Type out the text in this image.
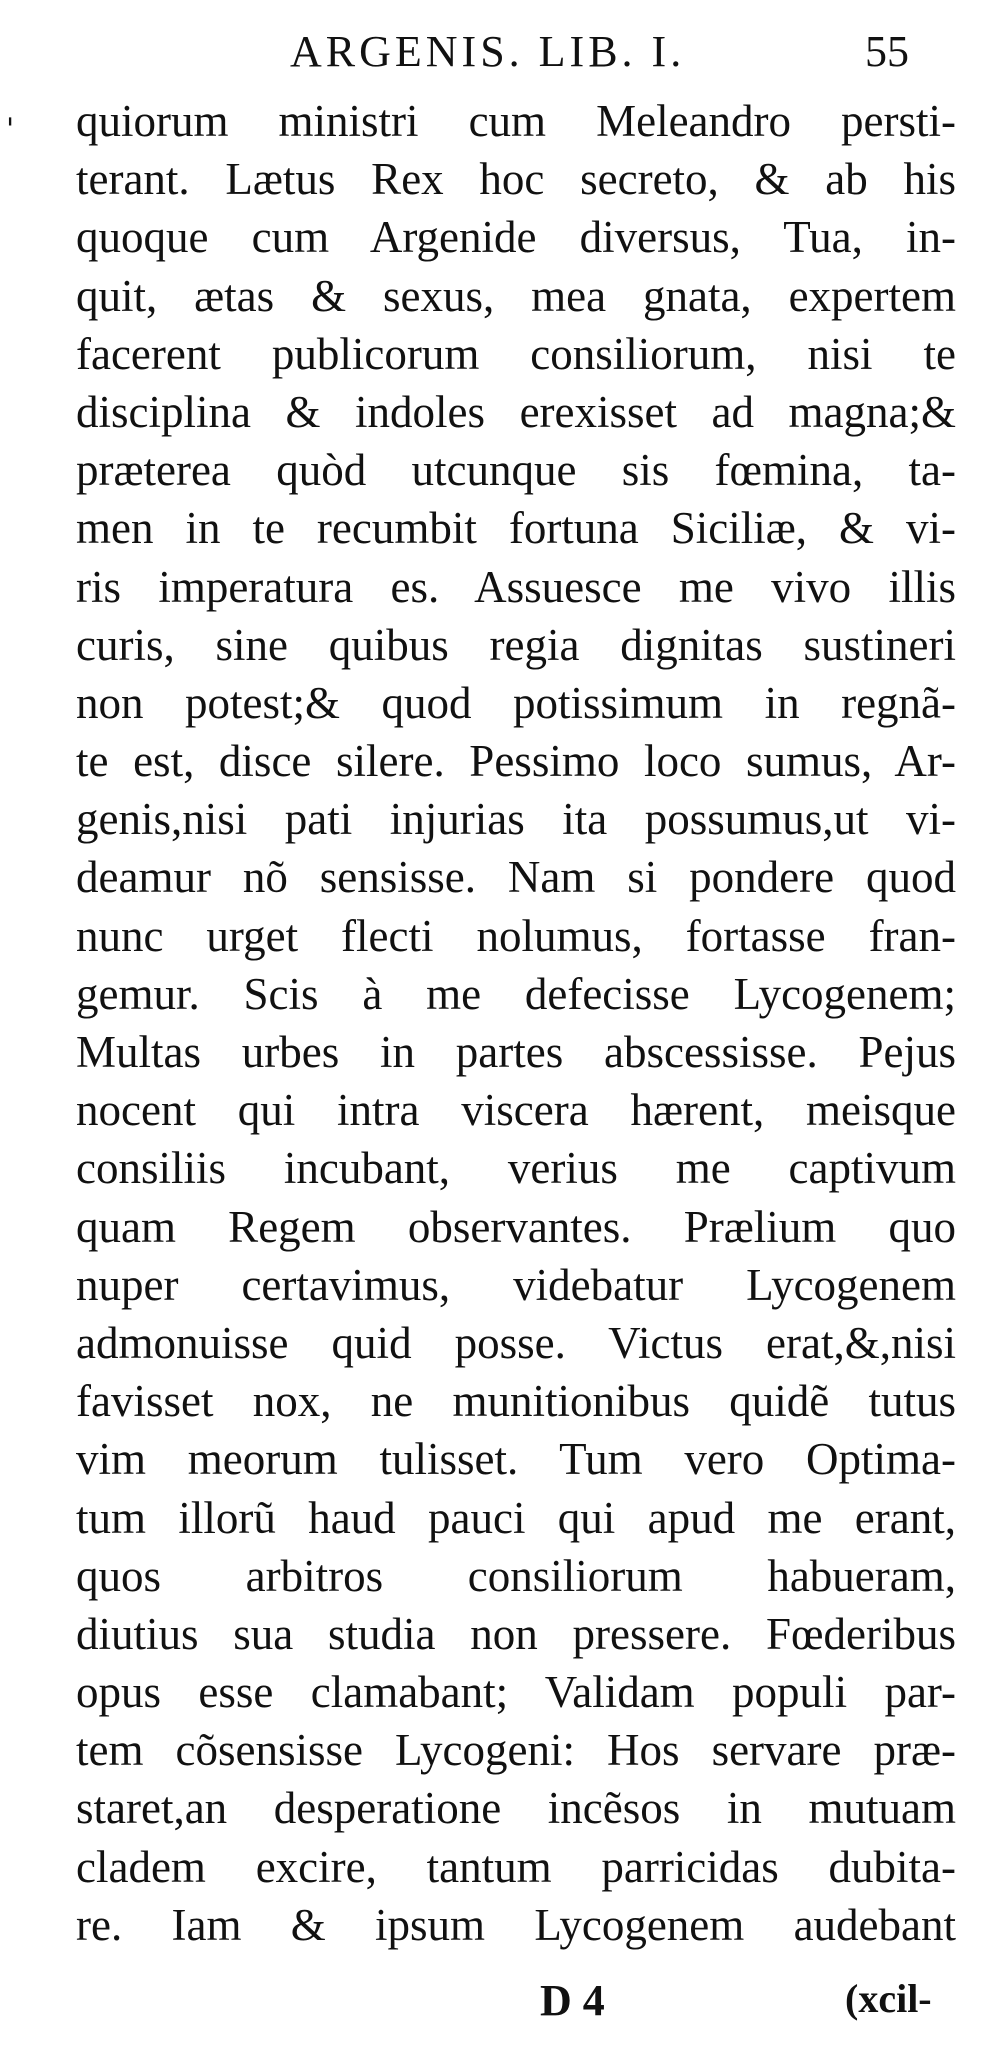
ARGENIS. LIB. I.	55
' quiorum ministri cum Meleandro persti-
terant. Lætus Rex hoc secreto, & ab his
quoque cum Argenide diversus, Tua, in-
quit, ætas & sexus, mea gnata, expertem
facerent publicorum consiliorum, nisi te
disciplina & indoles erexisset ad magna;&
præterea quòd utcunque sis fœmina, ta-
men in te recumbit fortuna Siciliæ, & vi-
ris imperatura es. Assuesce me vivo illis
curis, sine quibus regia dignitas sustineri
non potest;& quod potissimum in regnã-
te est, disce silere. Pessimo loco sumus, Ar-
genis,nisi pati injurias ita possumus,ut vi-
deamur nõ sensisse. Nam si pondere quod
nunc urget flecti nolumus, fortasse fran-
gemur. Scis à me defecisse Lycogenem;
Multas urbes in partes abscessisse. Pejus
nocent qui intra viscera hærent, meisque
consiliis incubant, verius me captivum
quam Regem observantes. Prælium quo
nuper certavimus, videbatur Lycogenem
admonuisse quid posse. Victus erat,&,nisi
favisset nox, ne munitionibus quidẽ tutus
vim meorum tulisset. Tum vero Optima-
tum illorũ haud pauci qui apud me erant,
quos arbitros consiliorum habueram,
diutius sua studia non pressere. Fœderibus
opus esse clamabant; Validam populi par-
tem cõsensisse Lycogeni: Hos servare præ-
staret,an desperatione incẽsos in mutuam
cladem excire, tantum parricidas dubita-
re. Iam & ipsum Lycogenem audebant
D 4	(xcil-
